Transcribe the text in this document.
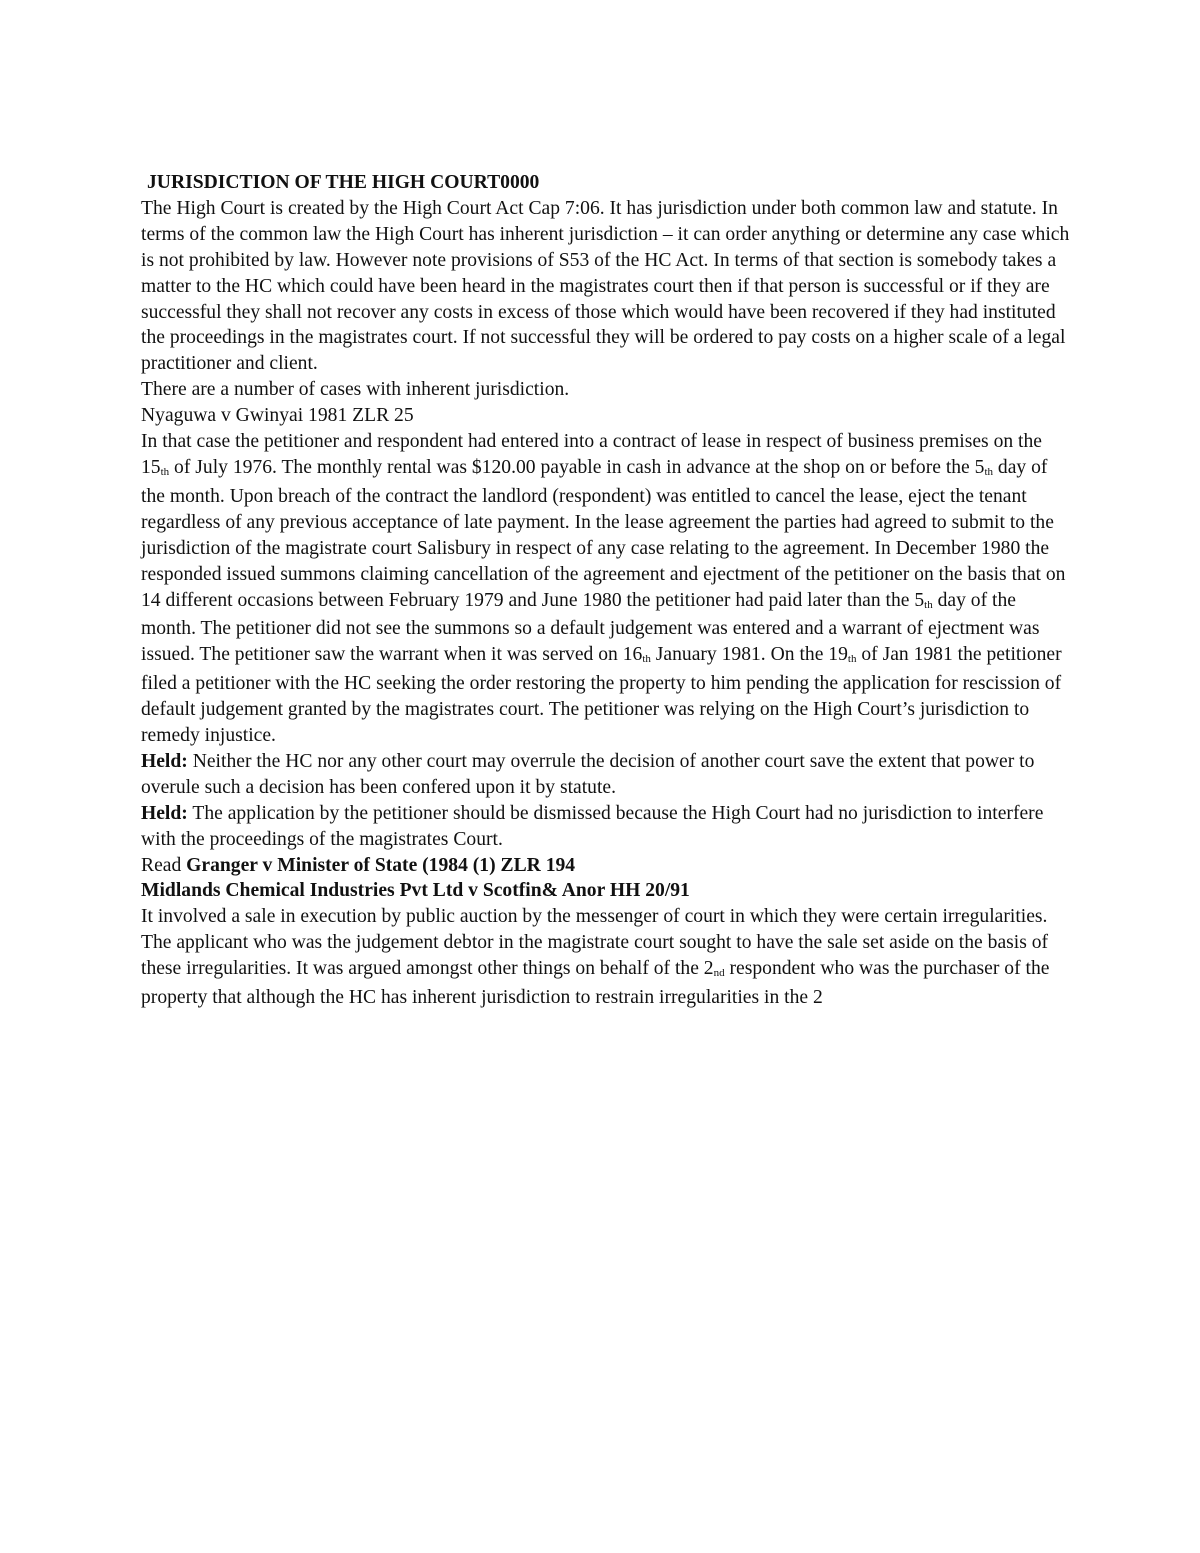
JURISDICTION OF THE HIGH COURT0000

The High Court is created by the High Court Act Cap 7:06. It has jurisdiction under both common law and statute. In terms of the common law the High Court has inherent jurisdiction – it can order anything or determine any case which is not prohibited by law. However note provisions of S53 of the HC Act. In terms of that section is somebody takes a matter to the HC which could have been heard in the magistrates court then if that person is successful or if they are successful they shall not recover any costs in excess of those which would have been recovered if they had instituted the proceedings in the magistrates court. If not successful they will be ordered to pay costs on a higher scale of a legal practitioner and client.

There are a number of cases with inherent jurisdiction.

Nyaguwa v Gwinyai 1981 ZLR 25

In that case the petitioner and respondent had entered into a contract of lease in respect of business premises on the $15_{th}$ of July 1976. The monthly rental was $120.00 payable in cash in advance at the shop on or before the $5_{th}$ day of the month. Upon breach of the contract the landlord (respondent) was entitled to cancel the lease, eject the tenant regardless of any previous acceptance of late payment. In the lease agreement the parties had agreed to submit to the jurisdiction of the magistrate court Salisbury in respect of any case relating to the agreement. In December 1980 the responded issued summons claiming cancellation of the agreement and ejectment of the petitioner on the basis that on 14 different occasions between February 1979 and June 1980 the petitioner had paid later than the $5_{th}$ day of the month. The petitioner did not see the summons so a default judgement was entered and a warrant of ejectment was issued. The petitioner saw the warrant when it was served on $16_{th}$ January 1981. On the $19_{th}$ of Jan 1981 the petitioner filed a petitioner with the HC seeking the order restoring the property to him pending the application for rescission of default judgement granted by the magistrates court. The petitioner was relying on the High Court’s jurisdiction to remedy injustice.

Held: Neither the HC nor any other court may overrule the decision of another court save the extent that power to overule such a decision has been confered upon it by statute.

Held: The application by the petitioner should be dismissed because the High Court had no jurisdiction to interfere with the proceedings of the magistrates Court.

Read Granger v Minister of State (1984 (1) ZLR 194

Midlands Chemical Industries Pvt Ltd v Scotfin& Anor HH 20/91

It involved a sale in execution by public auction by the messenger of court in which they were certain irregularities. The applicant who was the judgement debtor in the magistrate court sought to have the sale set aside on the basis of these irregularities. It was argued amongst other things on behalf of the $2_{nd}$ respondent who was the purchaser of the property that although the HC has inherent jurisdiction to restrain irregularities in the 2
